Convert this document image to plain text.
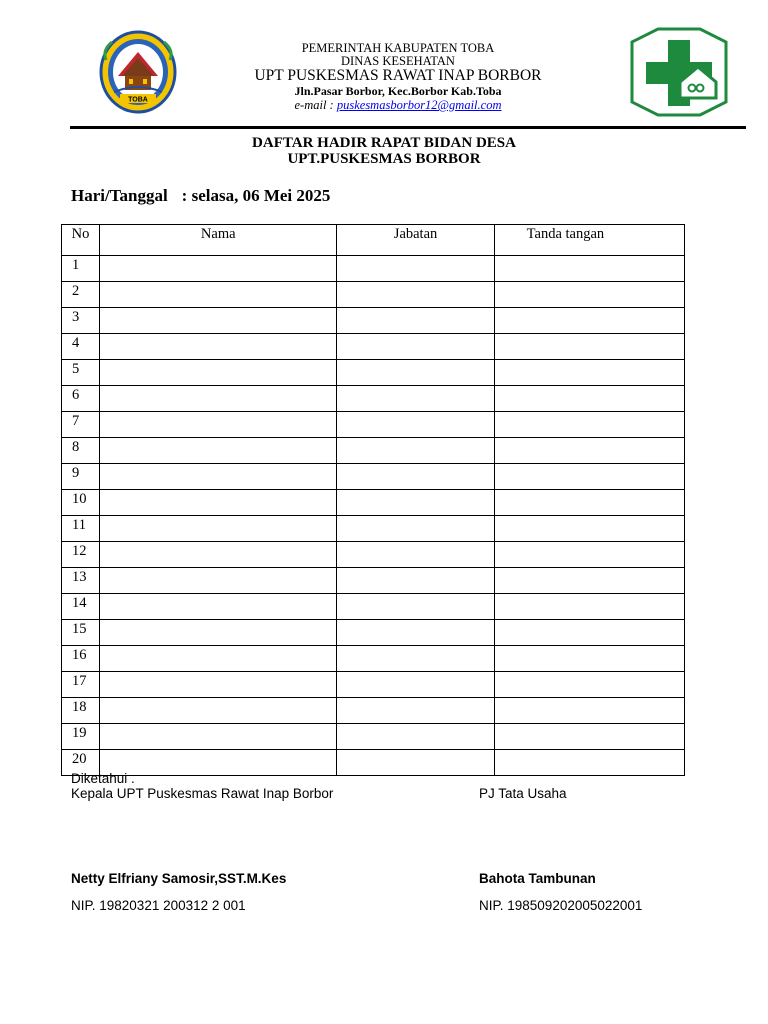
TOBA
PEMERINTAH KABUPATEN TOBA
DINAS KESEHATAN
UPT PUSKESMAS RAWAT INAP BORBOR
Jln.Pasar Borbor, Kec.Borbor Kab.Toba
e-mail : puskesmasborbor12@gmail.com
DAFTAR HADIR RAPAT BIDAN DESA
UPT.PUSKESMAS BORBOR
Hari/Tanggal : selasa, 06 Mei 2025
No	Nama	Jabatan	Tanda tangan
1			
2			
3			
4			
5			
6			
7			
8			
9			
10			
11			
12			
13			
14			
15			
16			
17			
18			
19			
20			
Diketahui .
Kepala UPT Puskesmas Rawat Inap Borbor	PJ Tata Usaha
Netty Elfriany Samosir,SST.M.Kes	Bahota Tambunan
NIP. 19820321 200312 2 001	NIP. 198509202005022001
